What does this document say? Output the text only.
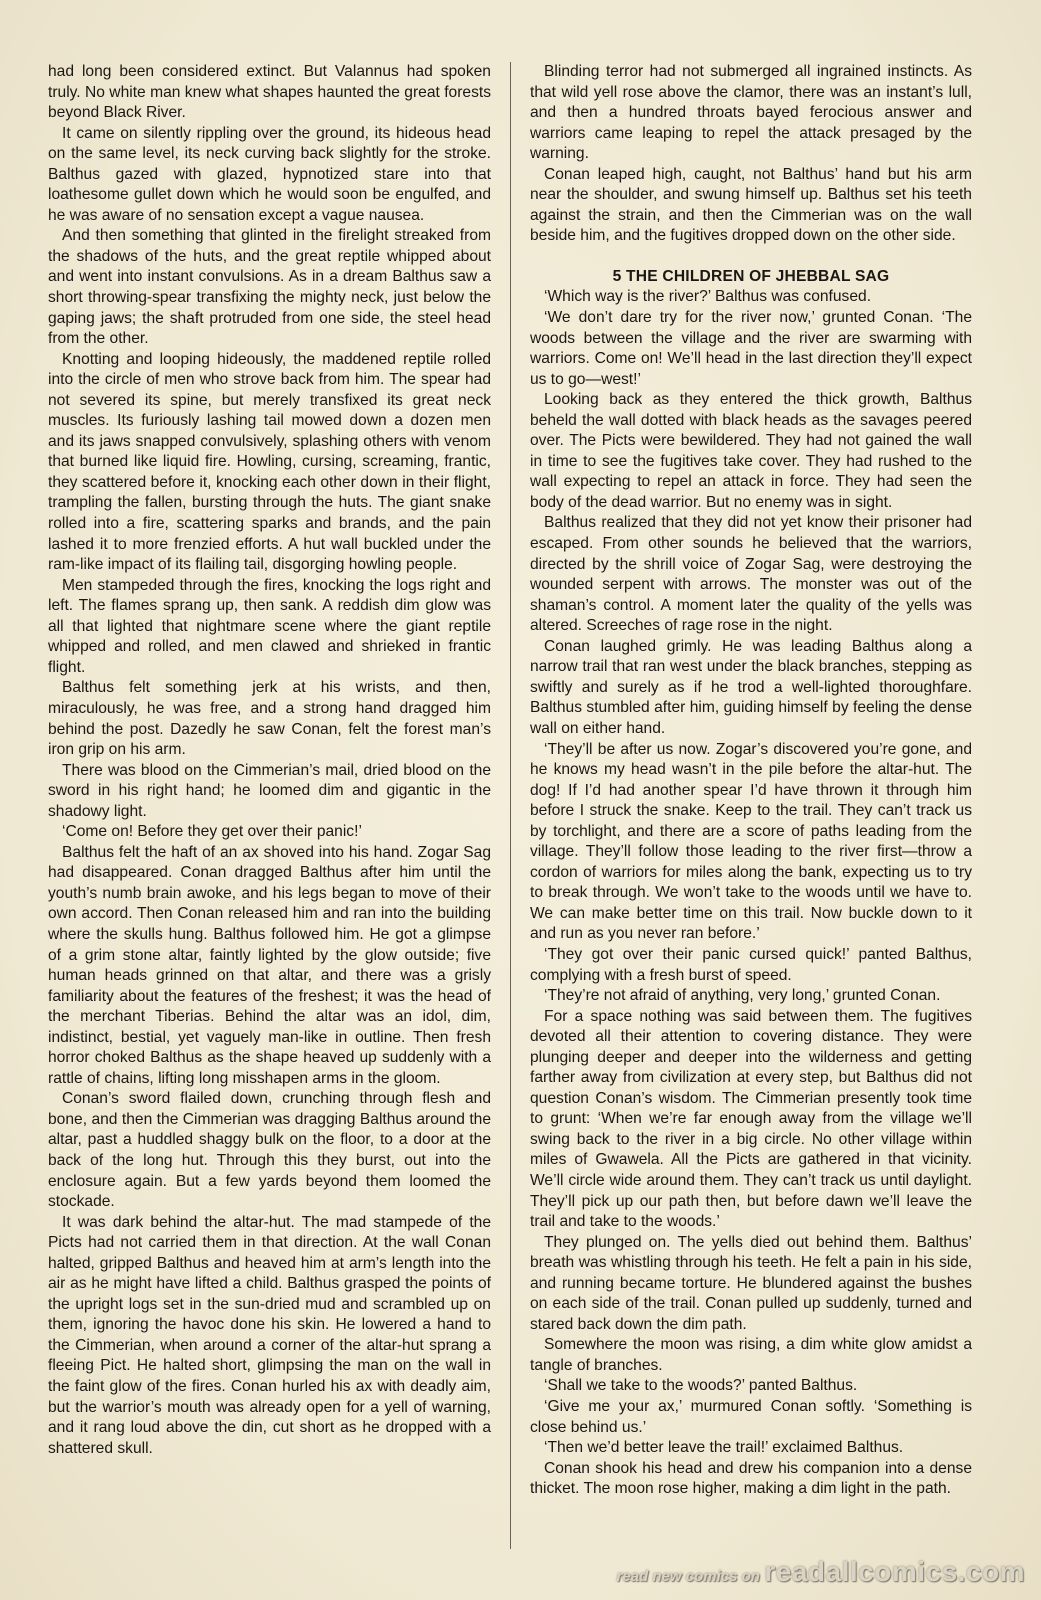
had long been considered extinct. But Valannus had spoken truly. No white man knew what shapes haunted the great forests beyond Black River.

It came on silently rippling over the ground, its hideous head on the same level, its neck curving back slightly for the stroke. Balthus gazed with glazed, hypnotized stare into that loathesome gullet down which he would soon be engulfed, and he was aware of no sensation except a vague nausea.

And then something that glinted in the firelight streaked from the shadows of the huts, and the great reptile whipped about and went into instant convulsions. As in a dream Balthus saw a short throwing-spear transfixing the mighty neck, just below the gaping jaws; the shaft protruded from one side, the steel head from the other.

Knotting and looping hideously, the maddened reptile rolled into the circle of men who strove back from him. The spear had not severed its spine, but merely transfixed its great neck muscles. Its furiously lashing tail mowed down a dozen men and its jaws snapped convulsively, splashing others with venom that burned like liquid fire. Howling, cursing, screaming, frantic, they scattered before it, knocking each other down in their flight, trampling the fallen, bursting through the huts. The giant snake rolled into a fire, scattering sparks and brands, and the pain lashed it to more frenzied efforts. A hut wall buckled under the ram-like impact of its flailing tail, disgorging howling people.

Men stampeded through the fires, knocking the logs right and left. The flames sprang up, then sank. A reddish dim glow was all that lighted that nightmare scene where the giant reptile whipped and rolled, and men clawed and shrieked in frantic flight.

Balthus felt something jerk at his wrists, and then, miraculously, he was free, and a strong hand dragged him behind the post. Dazedly he saw Conan, felt the forest man’s iron grip on his arm.

There was blood on the Cimmerian’s mail, dried blood on the sword in his right hand; he loomed dim and gigantic in the shadowy light.

‘Come on! Before they get over their panic!’

Balthus felt the haft of an ax shoved into his hand. Zogar Sag had disappeared. Conan dragged Balthus after him until the youth’s numb brain awoke, and his legs began to move of their own accord. Then Conan released him and ran into the building where the skulls hung. Balthus followed him. He got a glimpse of a grim stone altar, faintly lighted by the glow outside; five human heads grinned on that altar, and there was a grisly familiarity about the features of the freshest; it was the head of the merchant Tiberias. Behind the altar was an idol, dim, indistinct, bestial, yet vaguely man-like in outline. Then fresh horror choked Balthus as the shape heaved up suddenly with a rattle of chains, lifting long misshapen arms in the gloom.

Conan’s sword flailed down, crunching through flesh and bone, and then the Cimmerian was dragging Balthus around the altar, past a huddled shaggy bulk on the floor, to a door at the back of the long hut. Through this they burst, out into the enclosure again. But a few yards beyond them loomed the stockade.

It was dark behind the altar-hut. The mad stampede of the Picts had not carried them in that direction. At the wall Conan halted, gripped Balthus and heaved him at arm’s length into the air as he might have lifted a child. Balthus grasped the points of the upright logs set in the sun-dried mud and scrambled up on them, ignoring the havoc done his skin. He lowered a hand to the Cimmerian, when around a corner of the altar-hut sprang a fleeing Pict. He halted short, glimpsing the man on the wall in the faint glow of the fires. Conan hurled his ax with deadly aim, but the warrior’s mouth was already open for a yell of warning, and it rang loud above the din, cut short as he dropped with a shattered skull.

Blinding terror had not submerged all ingrained instincts. As that wild yell rose above the clamor, there was an instant’s lull, and then a hundred throats bayed ferocious answer and warriors came leaping to repel the attack presaged by the warning.

Conan leaped high, caught, not Balthus’ hand but his arm near the shoulder, and swung himself up. Balthus set his teeth against the strain, and then the Cimmerian was on the wall beside him, and the fugitives dropped down on the other side.

5 THE CHILDREN OF JHEBBAL SAG

‘Which way is the river?’ Balthus was confused.

‘We don’t dare try for the river now,’ grunted Conan. ‘The woods between the village and the river are swarming with warriors. Come on! We’ll head in the last direction they’ll expect us to go—west!’

Looking back as they entered the thick growth, Balthus beheld the wall dotted with black heads as the savages peered over. The Picts were bewildered. They had not gained the wall in time to see the fugitives take cover. They had rushed to the wall expecting to repel an attack in force. They had seen the body of the dead warrior. But no enemy was in sight.

Balthus realized that they did not yet know their prisoner had escaped. From other sounds he believed that the warriors, directed by the shrill voice of Zogar Sag, were destroying the wounded serpent with arrows. The monster was out of the shaman’s control. A moment later the quality of the yells was altered. Screeches of rage rose in the night.

Conan laughed grimly. He was leading Balthus along a narrow trail that ran west under the black branches, stepping as swiftly and surely as if he trod a well-lighted thoroughfare. Balthus stumbled after him, guiding himself by feeling the dense wall on either hand.

‘They’ll be after us now. Zogar’s discovered you’re gone, and he knows my head wasn’t in the pile before the altar-hut. The dog! If I’d had another spear I’d have thrown it through him before I struck the snake. Keep to the trail. They can’t track us by torchlight, and there are a score of paths leading from the village. They’ll follow those leading to the river first—throw a cordon of warriors for miles along the bank, expecting us to try to break through. We won’t take to the woods until we have to. We can make better time on this trail. Now buckle down to it and run as you never ran before.’

‘They got over their panic cursed quick!’ panted Balthus, complying with a fresh burst of speed.

‘They’re not afraid of anything, very long,’ grunted Conan.

For a space nothing was said between them. The fugitives devoted all their attention to covering distance. They were plunging deeper and deeper into the wilderness and getting farther away from civilization at every step, but Balthus did not question Conan’s wisdom. The Cimmerian presently took time to grunt: ‘When we’re far enough away from the village we’ll swing back to the river in a big circle. No other village within miles of Gwawela. All the Picts are gathered in that vicinity. We’ll circle wide around them. They can’t track us until daylight. They’ll pick up our path then, but before dawn we’ll leave the trail and take to the woods.’

They plunged on. The yells died out behind them. Balthus’ breath was whistling through his teeth. He felt a pain in his side, and running became torture. He blundered against the bushes on each side of the trail. Conan pulled up suddenly, turned and stared back down the dim path.

Somewhere the moon was rising, a dim white glow amidst a tangle of branches.

‘Shall we take to the woods?’ panted Balthus.

‘Give me your ax,’ murmured Conan softly. ‘Something is close behind us.’

‘Then we’d better leave the trail!’ exclaimed Balthus.

Conan shook his head and drew his companion into a dense thicket. The moon rose higher, making a dim light in the path.

read new comics on readallcomics.com
